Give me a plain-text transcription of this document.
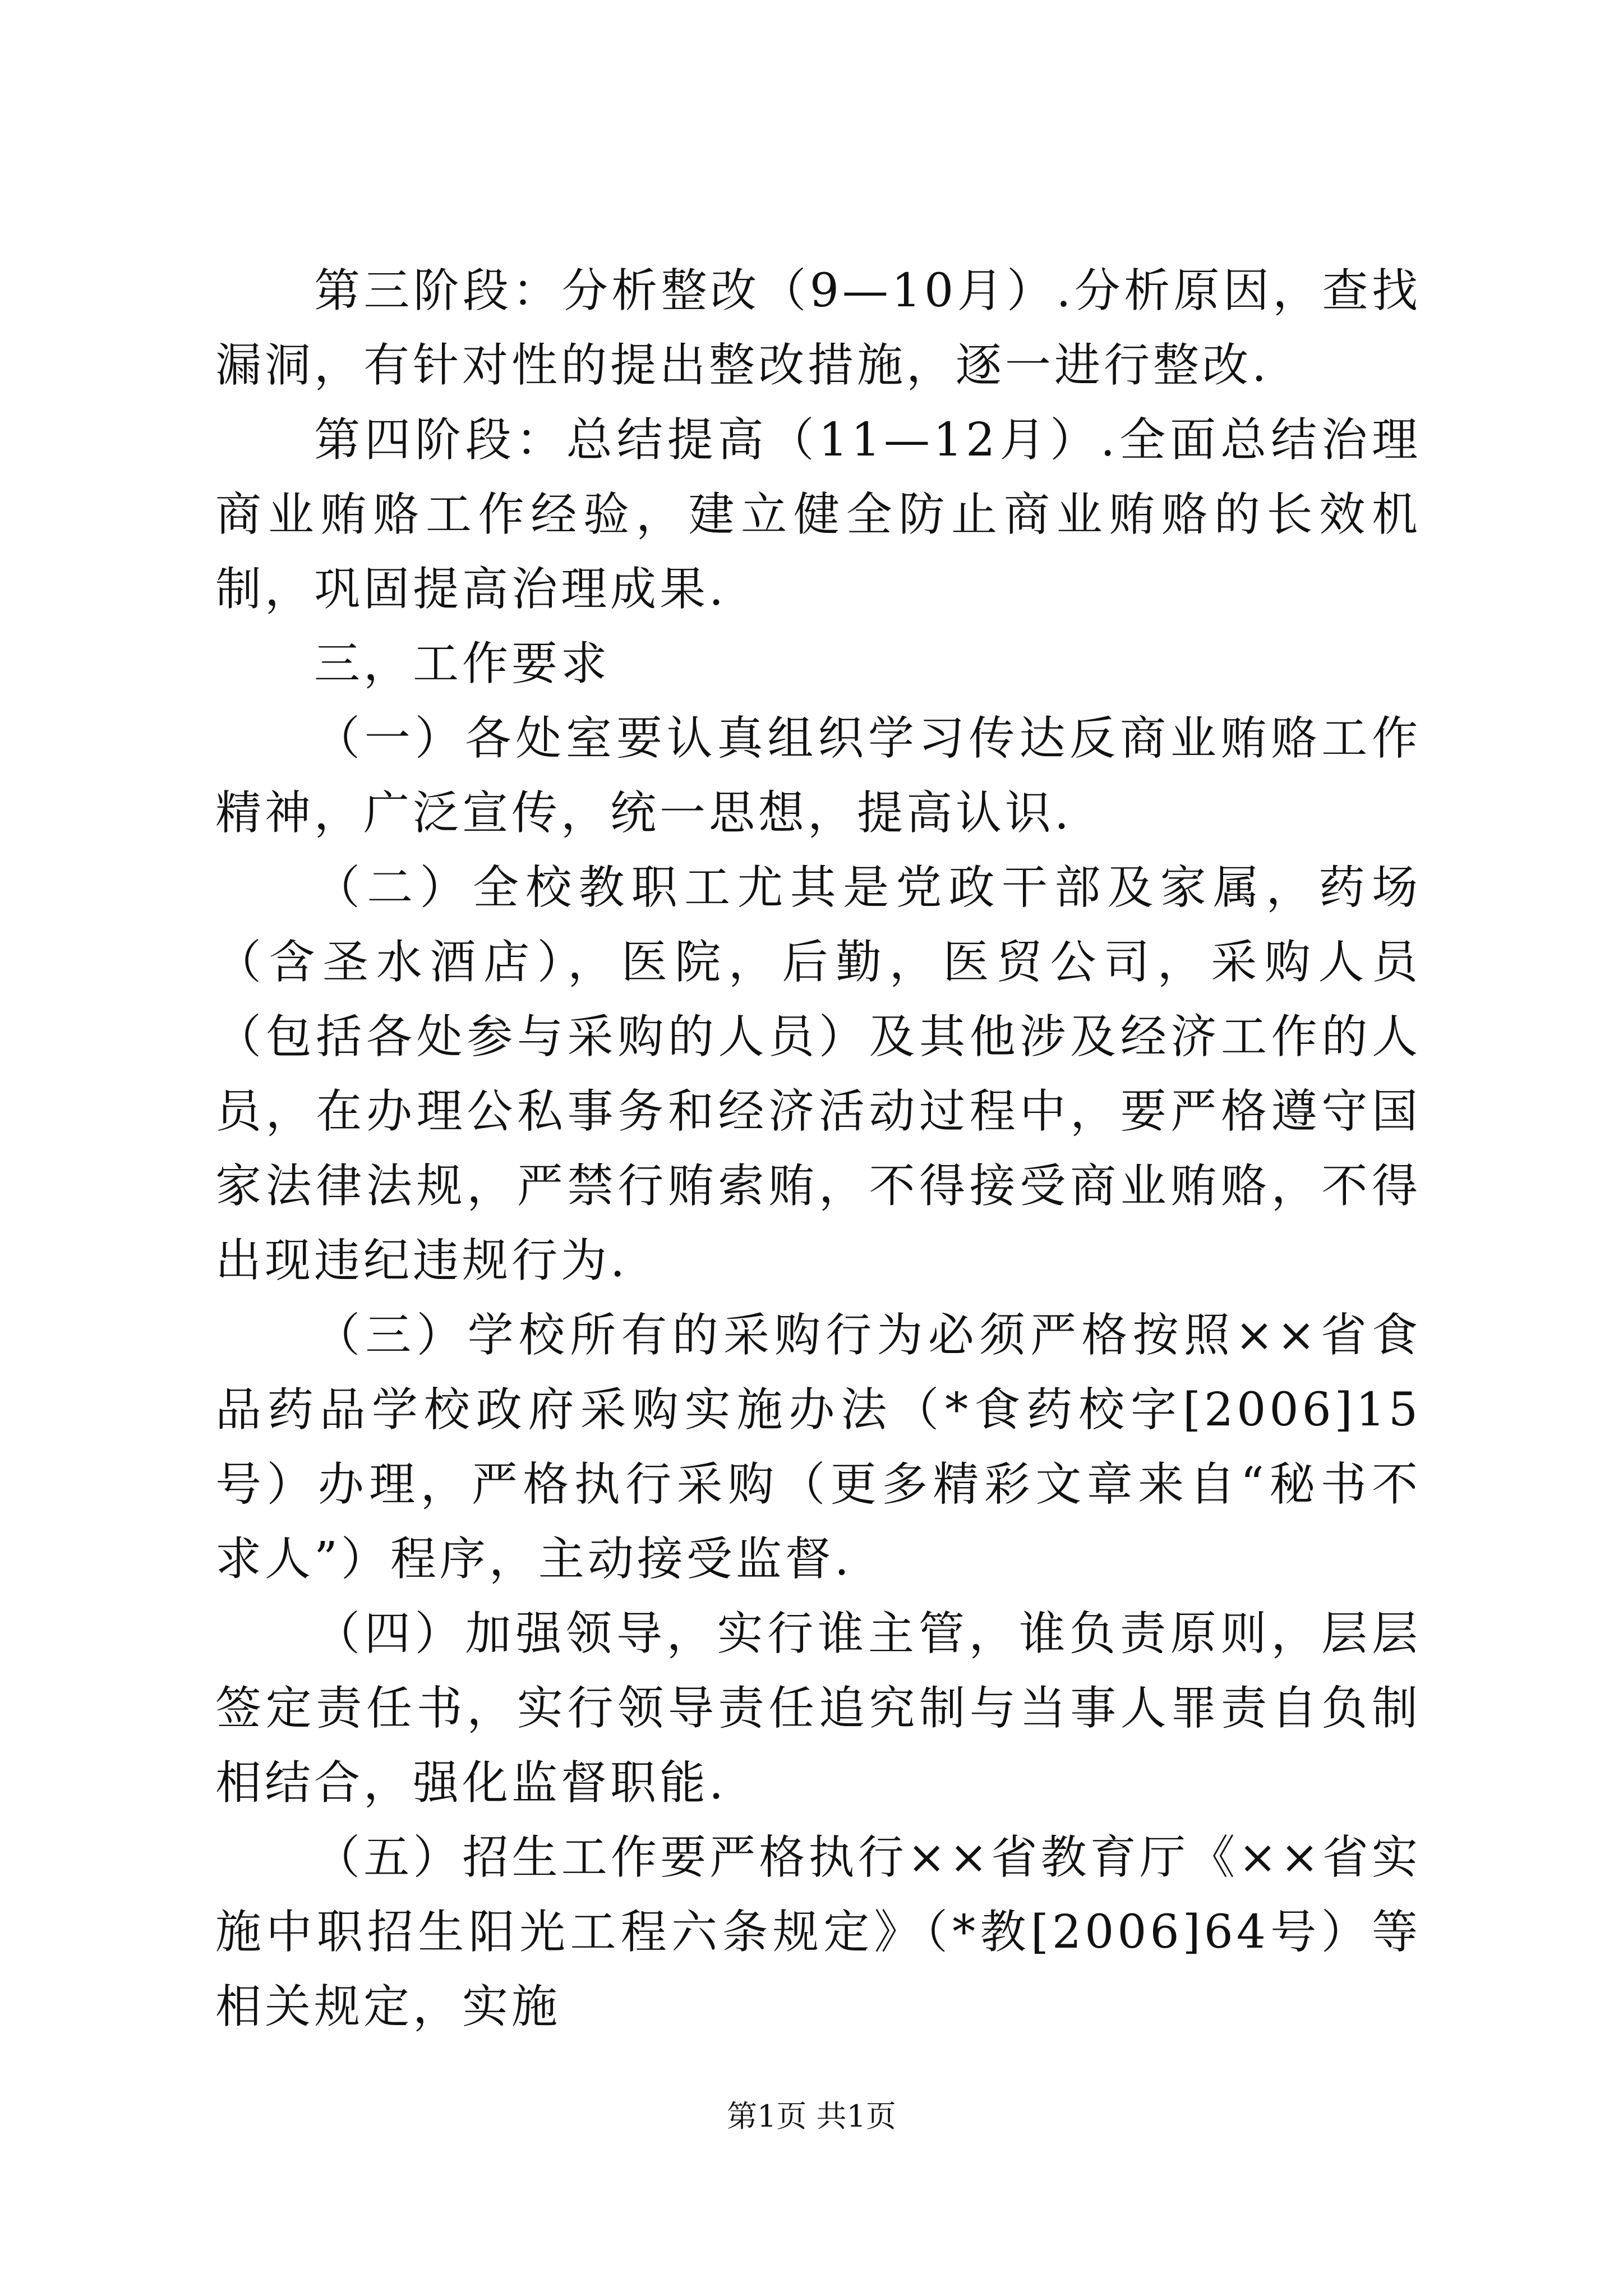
第三阶段：分析整改（9—10月）.分析原因，查找漏洞，有针对性的提出整改措施，逐一进行整改.

第四阶段：总结提高（11—12月）.全面总结治理商业贿赂工作经验，建立健全防止商业贿赂的长效机制，巩固提高治理成果.

三，工作要求

（一）各处室要认真组织学习传达反商业贿赂工作精神，广泛宣传，统一思想，提高认识.

（二）全校教职工尤其是党政干部及家属，药场（含圣水酒店），医院，后勤，医贸公司，采购人员（包括各处参与采购的人员）及其他涉及经济工作的人员，在办理公私事务和经济活动过程中，要严格遵守国家法律法规，严禁行贿索贿，不得接受商业贿赂，不得出现违纪违规行为.

（三）学校所有的采购行为必须严格按照××省食品药品学校政府采购实施办法（*食药校字[2006]15号）办理，严格执行采购（更多精彩文章来自“秘书不求人”）程序，主动接受监督.

（四）加强领导，实行谁主管，谁负责原则，层层签定责任书，实行领导责任追究制与当事人罪责自负制相结合，强化监督职能.

（五）招生工作要严格执行××省教育厅《××省实施中职招生阳光工程六条规定》（*教[2006]64号）等相关规定，实施

第1页 共1页
